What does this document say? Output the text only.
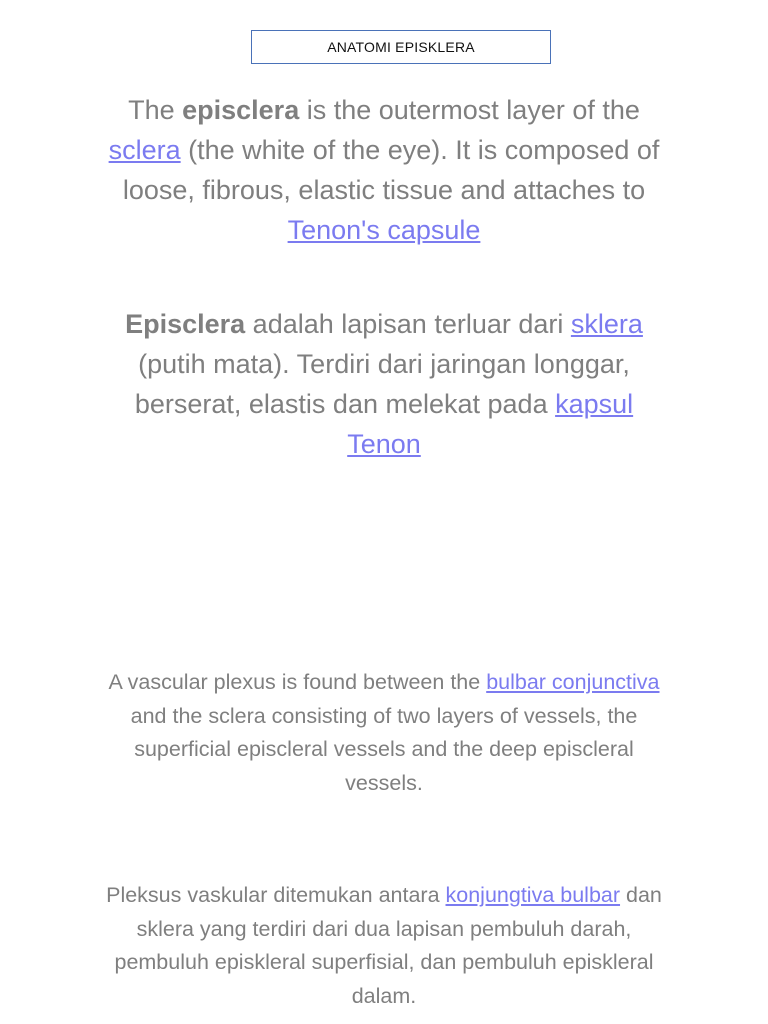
ANATOMI EPISKLERA

The episclera is the outermost layer of the sclera (the white of the eye). It is composed of loose, fibrous, elastic tissue and attaches to Tenon's capsule

Episclera adalah lapisan terluar dari sklera (putih mata). Terdiri dari jaringan longgar, berserat, elastis dan melekat pada kapsul Tenon

A vascular plexus is found between the bulbar conjunctiva and the sclera consisting of two layers of vessels, the superficial episcleral vessels and the deep episcleral vessels.

Pleksus vaskular ditemukan antara konjungtiva bulbar dan sklera yang terdiri dari dua lapisan pembuluh darah, pembuluh episkleral superfisial, dan pembuluh episkleral dalam.
